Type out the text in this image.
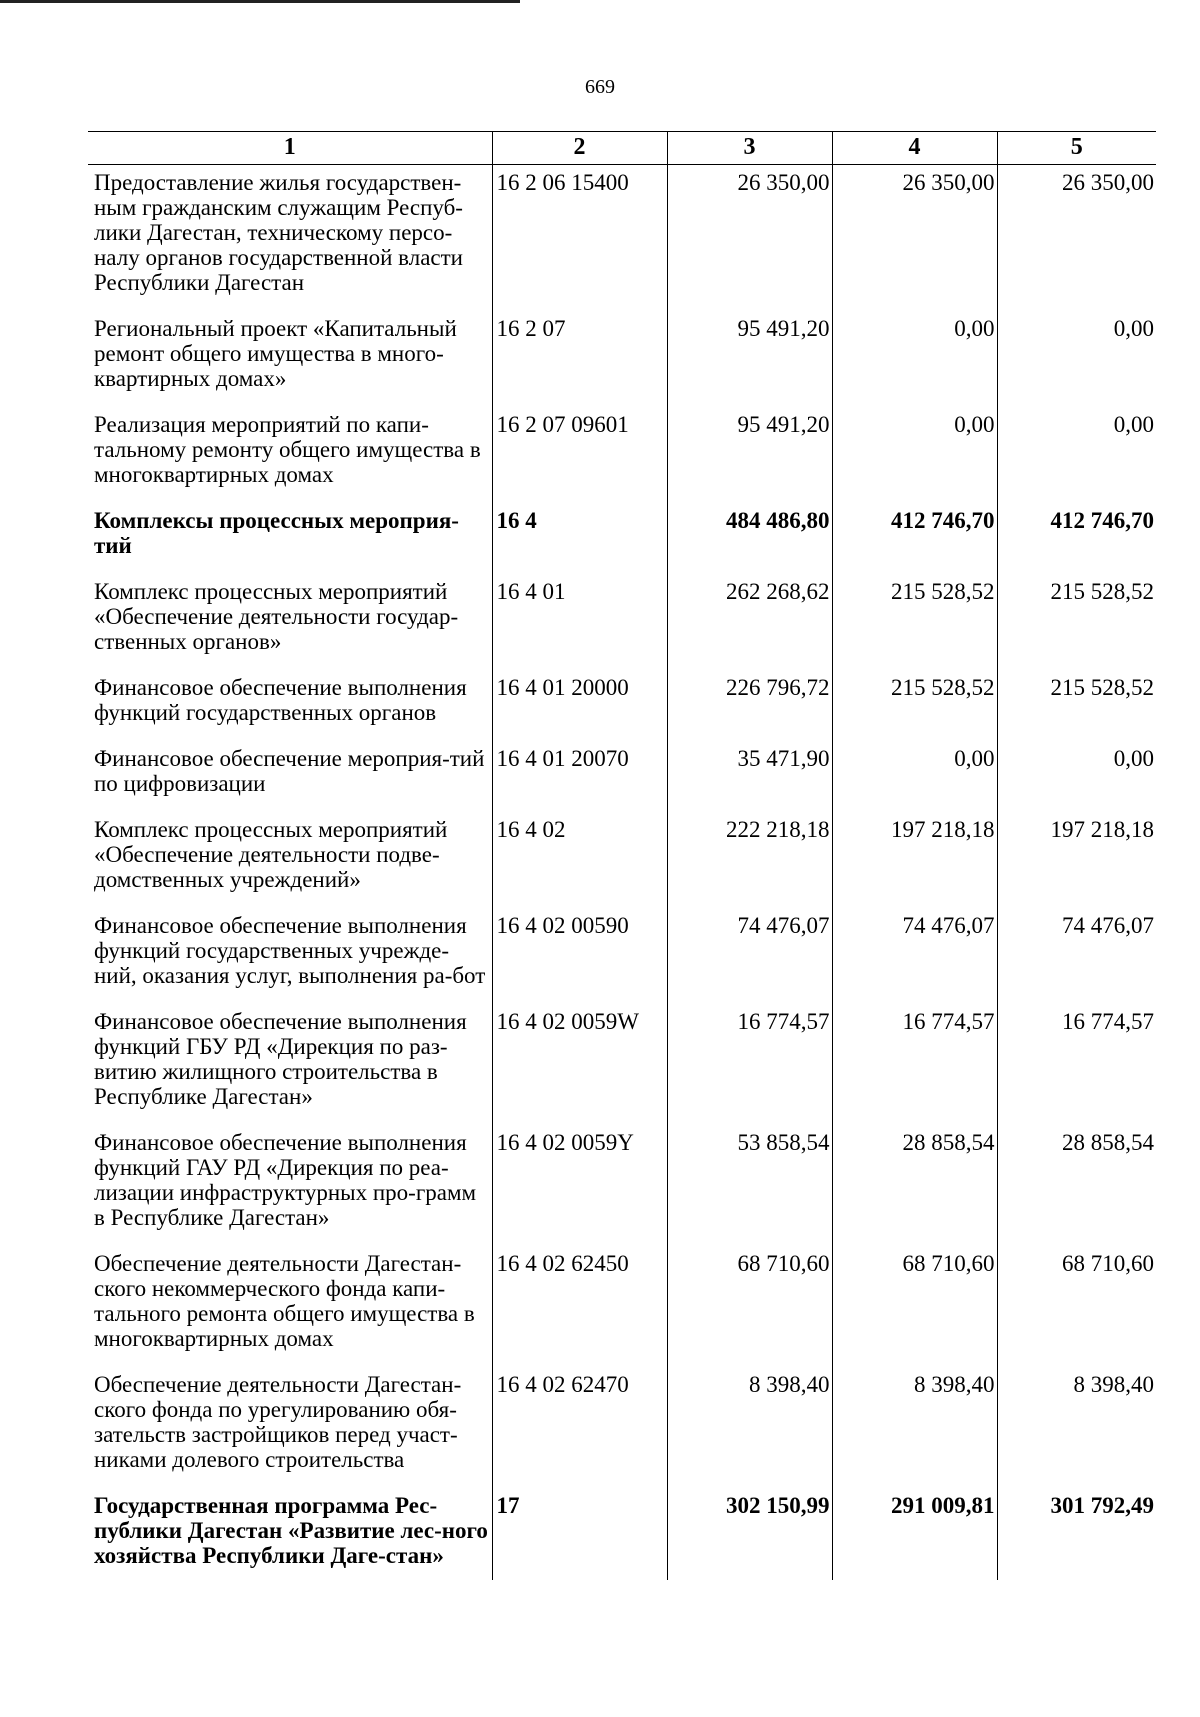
669
1	2	3	4	5
Предоставление жилья государствен-ным гражданским служащим Респуб-лики Дагестан, техническому персо-налу органов государственной власти Республики Дагестан	16 2 06 15400	26 350,00	26 350,00	26 350,00
Региональный проект «Капитальный ремонт общего имущества в много-квартирных домах»	16 2 07	95 491,20	0,00	0,00
Реализация мероприятий по капи-тальному ремонту общего имущества в многоквартирных домах	16 2 07 09601	95 491,20	0,00	0,00
Комплексы процессных мероприя-тий	16 4	484 486,80	412 746,70	412 746,70
Комплекс процессных мероприятий «Обеспечение деятельности государ-ственных органов»	16 4 01	262 268,62	215 528,52	215 528,52
Финансовое обеспечение выполнения функций государственных органов	16 4 01 20000	226 796,72	215 528,52	215 528,52
Финансовое обеспечение мероприя-тий по цифровизации	16 4 01 20070	35 471,90	0,00	0,00
Комплекс процессных мероприятий «Обеспечение деятельности подве-домственных учреждений»	16 4 02	222 218,18	197 218,18	197 218,18
Финансовое обеспечение выполнения функций государственных учрежде-ний, оказания услуг, выполнения ра-бот	16 4 02 00590	74 476,07	74 476,07	74 476,07
Финансовое обеспечение выполнения функций ГБУ РД «Дирекция по раз-витию жилищного строительства в Республике Дагестан»	16 4 02 0059W	16 774,57	16 774,57	16 774,57
Финансовое обеспечение выполнения функций ГАУ РД «Дирекция по реа-лизации инфраструктурных про-грамм в Республике Дагестан»	16 4 02 0059Y	53 858,54	28 858,54	28 858,54
Обеспечение деятельности Дагестан-ского некоммерческого фонда капи-тального ремонта общего имущества в многоквартирных домах	16 4 02 62450	68 710,60	68 710,60	68 710,60
Обеспечение деятельности Дагестан-ского фонда по урегулированию обя-зательств застройщиков перед участ-никами долевого строительства	16 4 02 62470	8 398,40	8 398,40	8 398,40
Государственная программа Рес-публики Дагестан «Развитие лес-ного хозяйства Республики Даге-стан»	17	302 150,99	291 009,81	301 792,49
